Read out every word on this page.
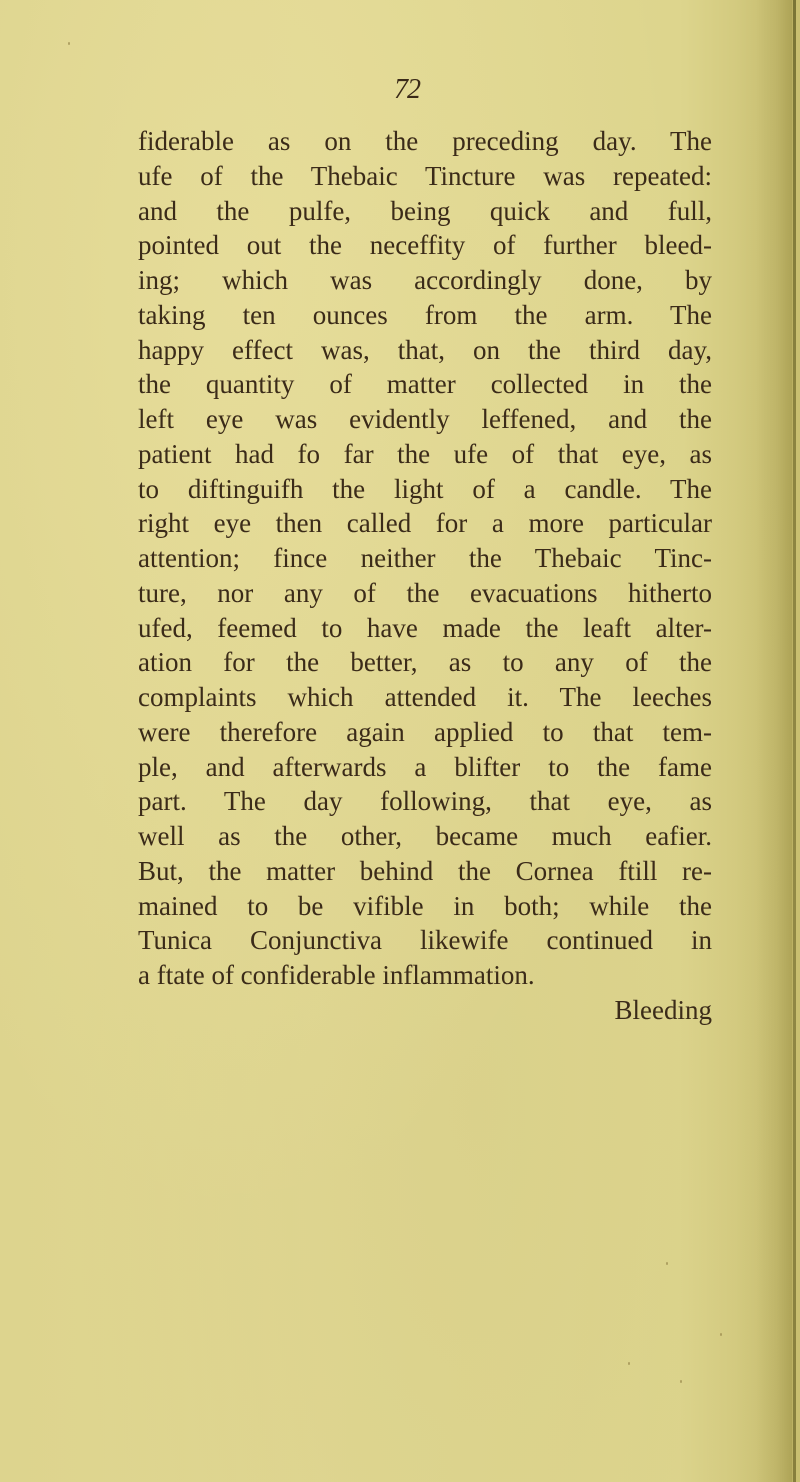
72
fiderable as on the preceding day. The
ufe of the Thebaic Tincture was repeated:
and the pulfe, being quick and full,
pointed out the neceffity of further bleed-
ing; which was accordingly done, by
taking ten ounces from the arm. The
happy effect was, that, on the third day,
the quantity of matter collected in the
left eye was evidently leffened, and the
patient had fo far the ufe of that eye, as
to diftinguifh the light of a candle. The
right eye then called for a more particular
attention; fince neither the Thebaic Tinc-
ture, nor any of the evacuations hitherto
ufed, feemed to have made the leaft alter-
ation for the better, as to any of the
complaints which attended it. The leeches
were therefore again applied to that tem-
ple, and afterwards a blifter to the fame
part. The day following, that eye, as
well as the other, became much eafier.
But, the matter behind the Cornea ftill re-
mained to be vifible in both; while the
Tunica Conjunctiva likewife continued in
a ftate of confiderable inflammation.
Bleeding
